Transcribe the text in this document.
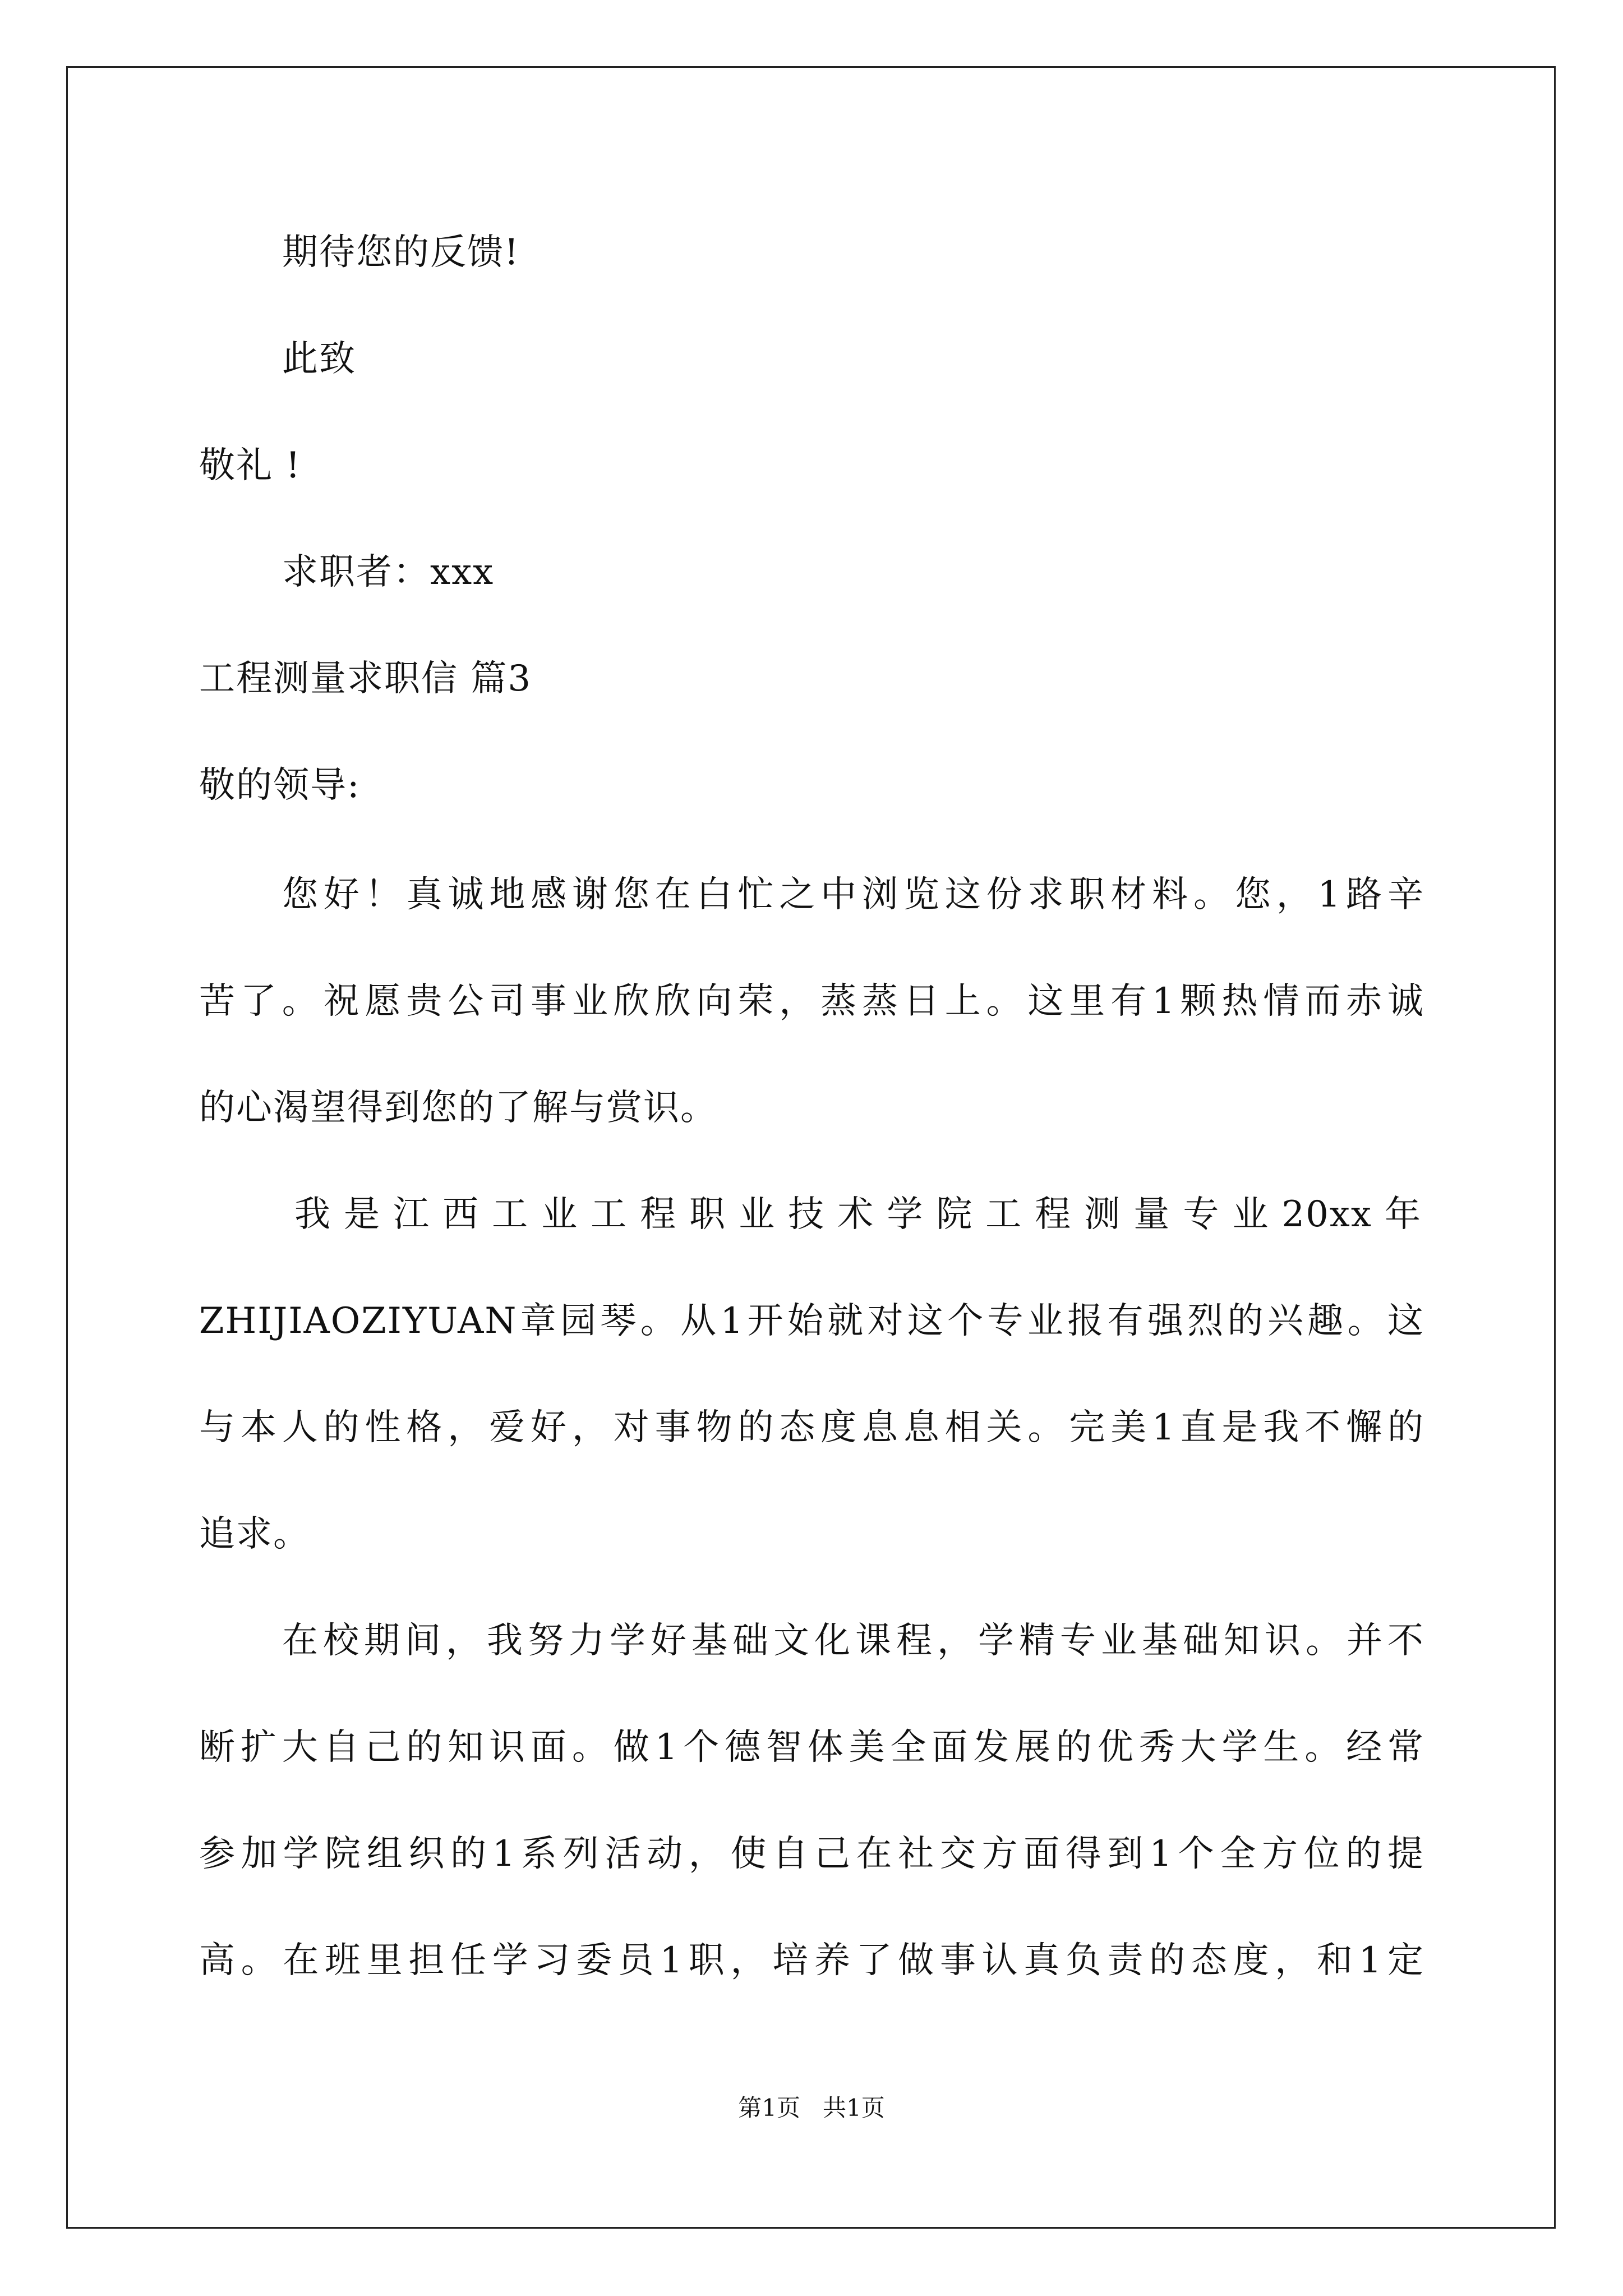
期待您的反馈!
此致
敬礼 !
求职者：xxx
工程测量求职信 篇3
敬的领导:
您好！真诚地感谢您在白忙之中浏览这份求职材料。您，1路辛
苦了。祝愿贵公司事业欣欣向荣，蒸蒸日上。这里有1颗热情而赤诚
的心渴望得到您的了解与赏识。
我是江西工业工程职业技术学院工程测量专业20xx年
ZHIJIAOZIYUAN章园琴。从1开始就对这个专业报有强烈的兴趣。这
与本人的性格，爱好，对事物的态度息息相关。完美1直是我不懈的
追求。
在校期间，我努力学好基础文化课程，学精专业基础知识。并不
断扩大自己的知识面。做1个德智体美全面发展的优秀大学生。经常
参加学院组织的1系列活动，使自己在社交方面得到1个全方位的提
高。在班里担任学习委员1职，培养了做事认真负责的态度，和1定
第1页 共1页
